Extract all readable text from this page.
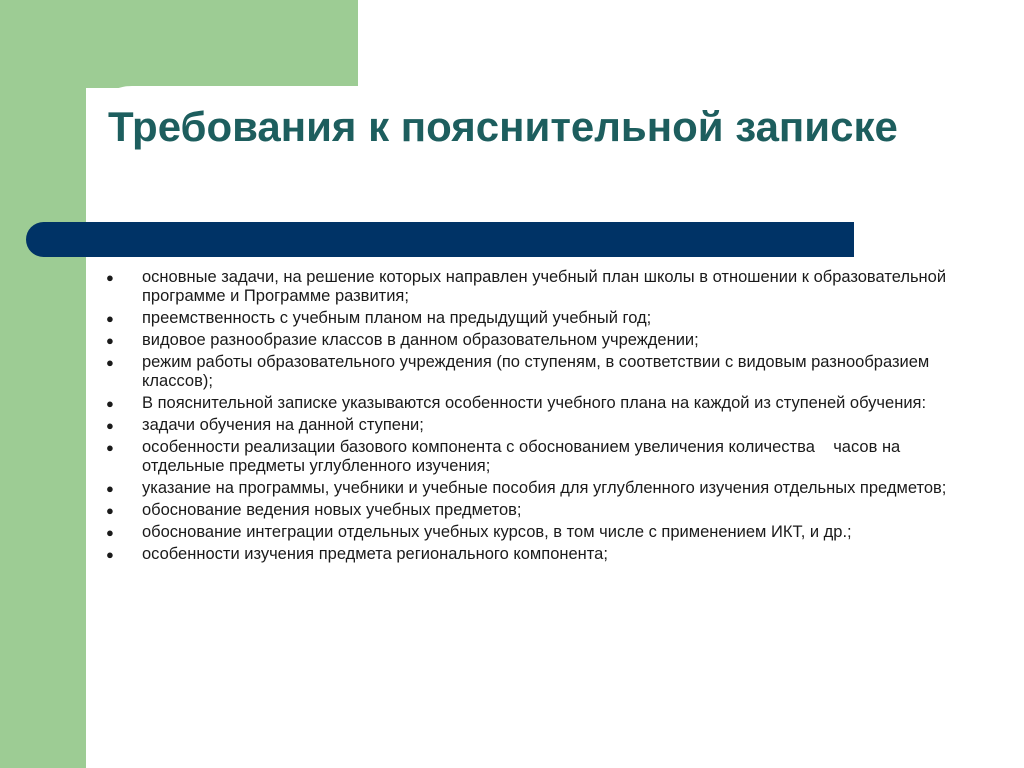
Требования к пояснительной записке
● основные задачи, на решение которых направлен учебный план школы в отношении к образовательной программе и Программе развития;
● преемственность с учебным планом на предыдущий учебный год;
● видовое разнообразие классов в данном образовательном учреждении;
● режим работы образовательного учреждения (по ступеням, в соответствии с видовым разнообразием классов);
● В пояснительной записке указываются особенности учебного плана на каждой из ступеней обучения:
● задачи обучения на данной ступени;
● особенности реализации базового компонента с обоснованием увеличения количества    часов на отдельные предметы углубленного изучения;
● указание на программы, учебники и учебные пособия для углубленного изучения отдельных предметов;
● обоснование ведения новых учебных предметов;
● обоснование интеграции отдельных учебных курсов, в том числе с применением ИКТ, и др.;
● особенности изучения предмета регионального компонента;
